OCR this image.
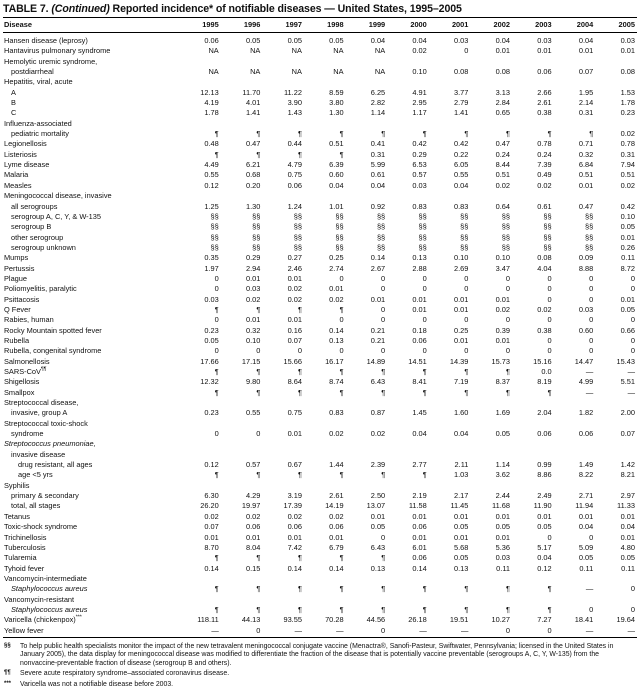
TABLE 7. (Continued) Reported incidence* of notifiable diseases — United States, 1995–2005
Disease	1995	1996	1997	1998	1999	2000	2001	2002	2003	2004	2005
Hansen disease (leprosy)	0.06	0.05	0.05	0.05	0.04	0.04	0.03	0.04	0.03	0.04	0.03
Hantavirus pulmonary syndrome	NA	NA	NA	NA	NA	0.02	0	0.01	0.01	0.01	0.01
Hemolytic uremic syndrome,											
postdiarrheal	NA	NA	NA	NA	NA	0.10	0.08	0.08	0.06	0.07	0.08
Hepatitis, viral, acute											
A	12.13	11.70	11.22	8.59	6.25	4.91	3.77	3.13	2.66	1.95	1.53
B	4.19	4.01	3.90	3.80	2.82	2.95	2.79	2.84	2.61	2.14	1.78
C	1.78	1.41	1.43	1.30	1.14	1.17	1.41	0.65	0.38	0.31	0.23
Influenza-associated											
pediatric mortality	¶	¶	¶	¶	¶	¶	¶	¶	¶	¶	0.02
Legionellosis	0.48	0.47	0.44	0.51	0.41	0.42	0.42	0.47	0.78	0.71	0.78
Listeriosis	¶	¶	¶	¶	0.31	0.29	0.22	0.24	0.24	0.32	0.31
Lyme disease	4.49	6.21	4.79	6.39	5.99	6.53	6.05	8.44	7.39	6.84	7.94
Malaria	0.55	0.68	0.75	0.60	0.61	0.57	0.55	0.51	0.49	0.51	0.51
Measles	0.12	0.20	0.06	0.04	0.04	0.03	0.04	0.02	0.02	0.01	0.02
Meningococcal disease, invasive											
all serogroups	1.25	1.30	1.24	1.01	0.92	0.83	0.83	0.64	0.61	0.47	0.42
serogroup A, C, Y, & W-135	§§	§§	§§	§§	§§	§§	§§	§§	§§	§§	0.10
serogroup B	§§	§§	§§	§§	§§	§§	§§	§§	§§	§§	0.05
other serogroup	§§	§§	§§	§§	§§	§§	§§	§§	§§	§§	0.01
serogroup unknown	§§	§§	§§	§§	§§	§§	§§	§§	§§	§§	0.26
Mumps	0.35	0.29	0.27	0.25	0.14	0.13	0.10	0.10	0.08	0.09	0.11
Pertussis	1.97	2.94	2.46	2.74	2.67	2.88	2.69	3.47	4.04	8.88	8.72
Plague	0	0.01	0.01	0	0	0	0	0	0	0	0
Poliomyelitis, paralytic	0	0.03	0.02	0.01	0	0	0	0	0	0	0
Psittacosis	0.03	0.02	0.02	0.02	0.01	0.01	0.01	0.01	0	0	0.01
Q Fever	¶	¶	¶	¶	0	0.01	0.01	0.02	0.02	0.03	0.05
Rabies, human	0	0.01	0.01	0	0	0	0	0	0	0	0
Rocky Mountain spotted fever	0.23	0.32	0.16	0.14	0.21	0.18	0.25	0.39	0.38	0.60	0.66
Rubella	0.05	0.10	0.07	0.13	0.21	0.06	0.01	0.01	0	0	0
Rubella, congenital syndrome	0	0	0	0	0	0	0	0	0	0	0
Salmonellosis	17.66	17.15	15.66	16.17	14.89	14.51	14.39	15.73	15.16	14.47	15.43
SARS-CoV¶¶	¶	¶	¶	¶	¶	¶	¶	¶	0.0	—	—
Shigellosis	12.32	9.80	8.64	8.74	6.43	8.41	7.19	8.37	8.19	4.99	5.51
Smallpox	¶	¶	¶	¶	¶	¶	¶	¶	¶	—	—
Streptococcal disease,											
invasive, group A	0.23	0.55	0.75	0.83	0.87	1.45	1.60	1.69	2.04	1.82	2.00
Streptococcal toxic-shock											
syndrome	0	0	0.01	0.02	0.02	0.04	0.04	0.05	0.06	0.06	0.07
Streptococcus pneumoniae,											
invasive disease											
drug resistant, all ages	0.12	0.57	0.67	1.44	2.39	2.77	2.11	1.14	0.99	1.49	1.42
age <5 yrs	¶	¶	¶	¶	¶	¶	1.03	3.62	8.86	8.22	8.21
Syphilis											
primary & secondary	6.30	4.29	3.19	2.61	2.50	2.19	2.17	2.44	2.49	2.71	2.97
total, all stages	26.20	19.97	17.39	14.19	13.07	11.58	11.45	11.68	11.90	11.94	11.33
Tetanus	0.02	0.02	0.02	0.02	0.01	0.01	0.01	0.01	0.01	0.01	0.01
Toxic-shock syndrome	0.07	0.06	0.06	0.06	0.05	0.06	0.05	0.05	0.05	0.04	0.04
Trichinellosis	0.01	0.01	0.01	0.01	0	0.01	0.01	0.01	0	0	0.01
Tuberculosis	8.70	8.04	7.42	6.79	6.43	6.01	5.68	5.36	5.17	5.09	4.80
Tularemia	¶	¶	¶	¶	¶	0.06	0.05	0.03	0.04	0.05	0.05
Tyhoid fever	0.14	0.15	0.14	0.14	0.13	0.14	0.13	0.11	0.12	0.11	0.11
Vancomycin-intermediate											
Staphylococcus aureus	¶	¶	¶	¶	¶	¶	¶	¶	¶	—	0
Vancomycin-resistant											
Staphylococcus aureus	¶	¶	¶	¶	¶	¶	¶	¶	¶	0	0
Varicella (chickenpox)***	118.11	44.13	93.55	70.28	44.56	26.18	19.51	10.27	7.27	18.41	19.64
Yellow fever	—	0	—	—	0	—	—	0	0	—	—
§§ To help public health specialists monitor the impact of the new tetravalent meningococcal conjugate vaccine (Menactra®, Sanofi-Pasteur, Swiftwater, Pennsylvania; licensed in the United States in January 2005), the data display for meningococcal disease was modified to differentiate the fraction of the disease that is potentially vaccine preventable (serogroups A, C, Y, W-135) from the nonvaccine-preventable fraction of disease (serogroup B and others).
¶¶ Severe acute respiratory syndrome–associated coronavirus disease.
*** Varicella was not a notifiable disease before 2003.
